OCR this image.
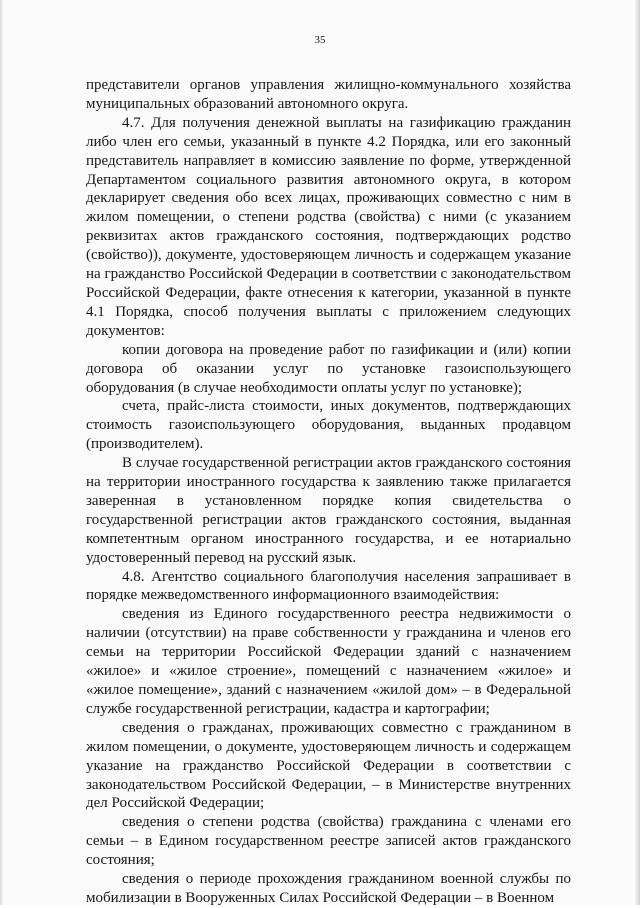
35

представители органов управления жилищно-коммунального хозяйства муниципальных образований автономного округа.

4.7. Для получения денежной выплаты на газификацию гражданин либо член его семьи, указанный в пункте 4.2 Порядка, или его законный представитель направляет в комиссию заявление по форме, утвержденной Департаментом социального развития автономного округа, в котором декларирует сведения обо всех лицах, проживающих совместно с ним в жилом помещении, о степени родства (свойства) с ними (с указанием реквизитах актов гражданского состояния, подтверждающих родство (свойство)), документе, удостоверяющем личность и содержащем указание на гражданство Российской Федерации в соответствии с законодательством Российской Федерации, факте отнесения к категории, указанной в пункте 4.1 Порядка, способ получения выплаты с приложением следующих документов:

копии договора на проведение работ по газификации и (или) копии договора об оказании услуг по установке газоиспользующего оборудования (в случае необходимости оплаты услуг по установке);

счета, прайс-листа стоимости, иных документов, подтверждающих стоимость газоиспользующего оборудования, выданных продавцом (производителем).

В случае государственной регистрации актов гражданского состояния на территории иностранного государства к заявлению также прилагается заверенная в установленном порядке копия свидетельства о государственной регистрации актов гражданского состояния, выданная компетентным органом иностранного государства, и ее нотариально удостоверенный перевод на русский язык.

4.8. Агентство социального благополучия населения запрашивает в порядке межведомственного информационного взаимодействия:

сведения из Единого государственного реестра недвижимости о наличии (отсутствии) на праве собственности у гражданина и членов его семьи на территории Российской Федерации зданий с назначением «жилое» и «жилое строение», помещений с назначением «жилое» и «жилое помещение», зданий с назначением «жилой дом» – в Федеральной службе государственной регистрации, кадастра и картографии;

сведения о гражданах, проживающих совместно с гражданином в жилом помещении, о документе, удостоверяющем личность и содержащем указание на гражданство Российской Федерации в соответствии с законодательством Российской Федерации, – в Министерстве внутренних дел Российской Федерации;

сведения о степени родства (свойства) гражданина с членами его семьи – в Едином государственном реестре записей актов гражданского состояния;

сведения о периоде прохождения гражданином военной службы по мобилизации в Вооруженных Силах Российской Федерации – в Военном
